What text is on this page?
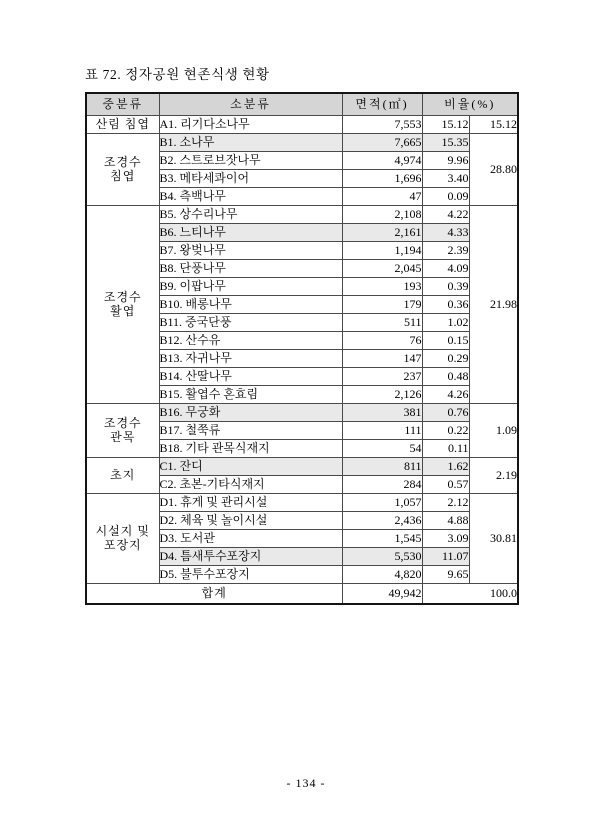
표 72. 정자공원 현존식생 현황
중분류	소분류	면적(㎡)	비율(%)	

산림 침엽	A1. 리기다소나무	7,553	15.12	15.12

조경수
침엽	B1. 소나무	7,665	15.35	28.80
	B2. 스트로브잣나무	4,974	9.96	
	B3. 메타세콰이어	1,696	3.40	
	B4. 측백나무	47	0.09	

조경수
활엽	B5. 상수리나무	2,108	4.22	21.98
	B6. 느티나무	2,161	4.33	
	B7. 왕벚나무	1,194	2.39	
	B8. 단풍나무	2,045	4.09	
	B9. 이팝나무	193	0.39	
	B10. 배롱나무	179	0.36	
	B11. 중국단풍	511	1.02	
	B12. 산수유	76	0.15	
	B13. 자귀나무	147	0.29	
	B14. 산딸나무	237	0.48	
	B15. 활엽수 혼효림	2,126	4.26	

조경수
관목	B16. 무궁화	381	0.76	1.09
	B17. 철쭉류	111	0.22	
	B18. 기타 관목식재지	54	0.11	

초지	C1. 잔디	811	1.62	2.19
	C2. 초본-기타식재지	284	0.57	

시설지 및
포장지	D1. 휴게 및 관리시설	1,057	2.12	30.81
	D2. 체육 및 놀이시설	2,436	4.88	
	D3. 도서관	1,545	3.09	
	D4. 틈새투수포장지	5,530	11.07	
	D5. 불투수포장지	4,820	9.65	
합계		49,942	100.0	
- 134 -
